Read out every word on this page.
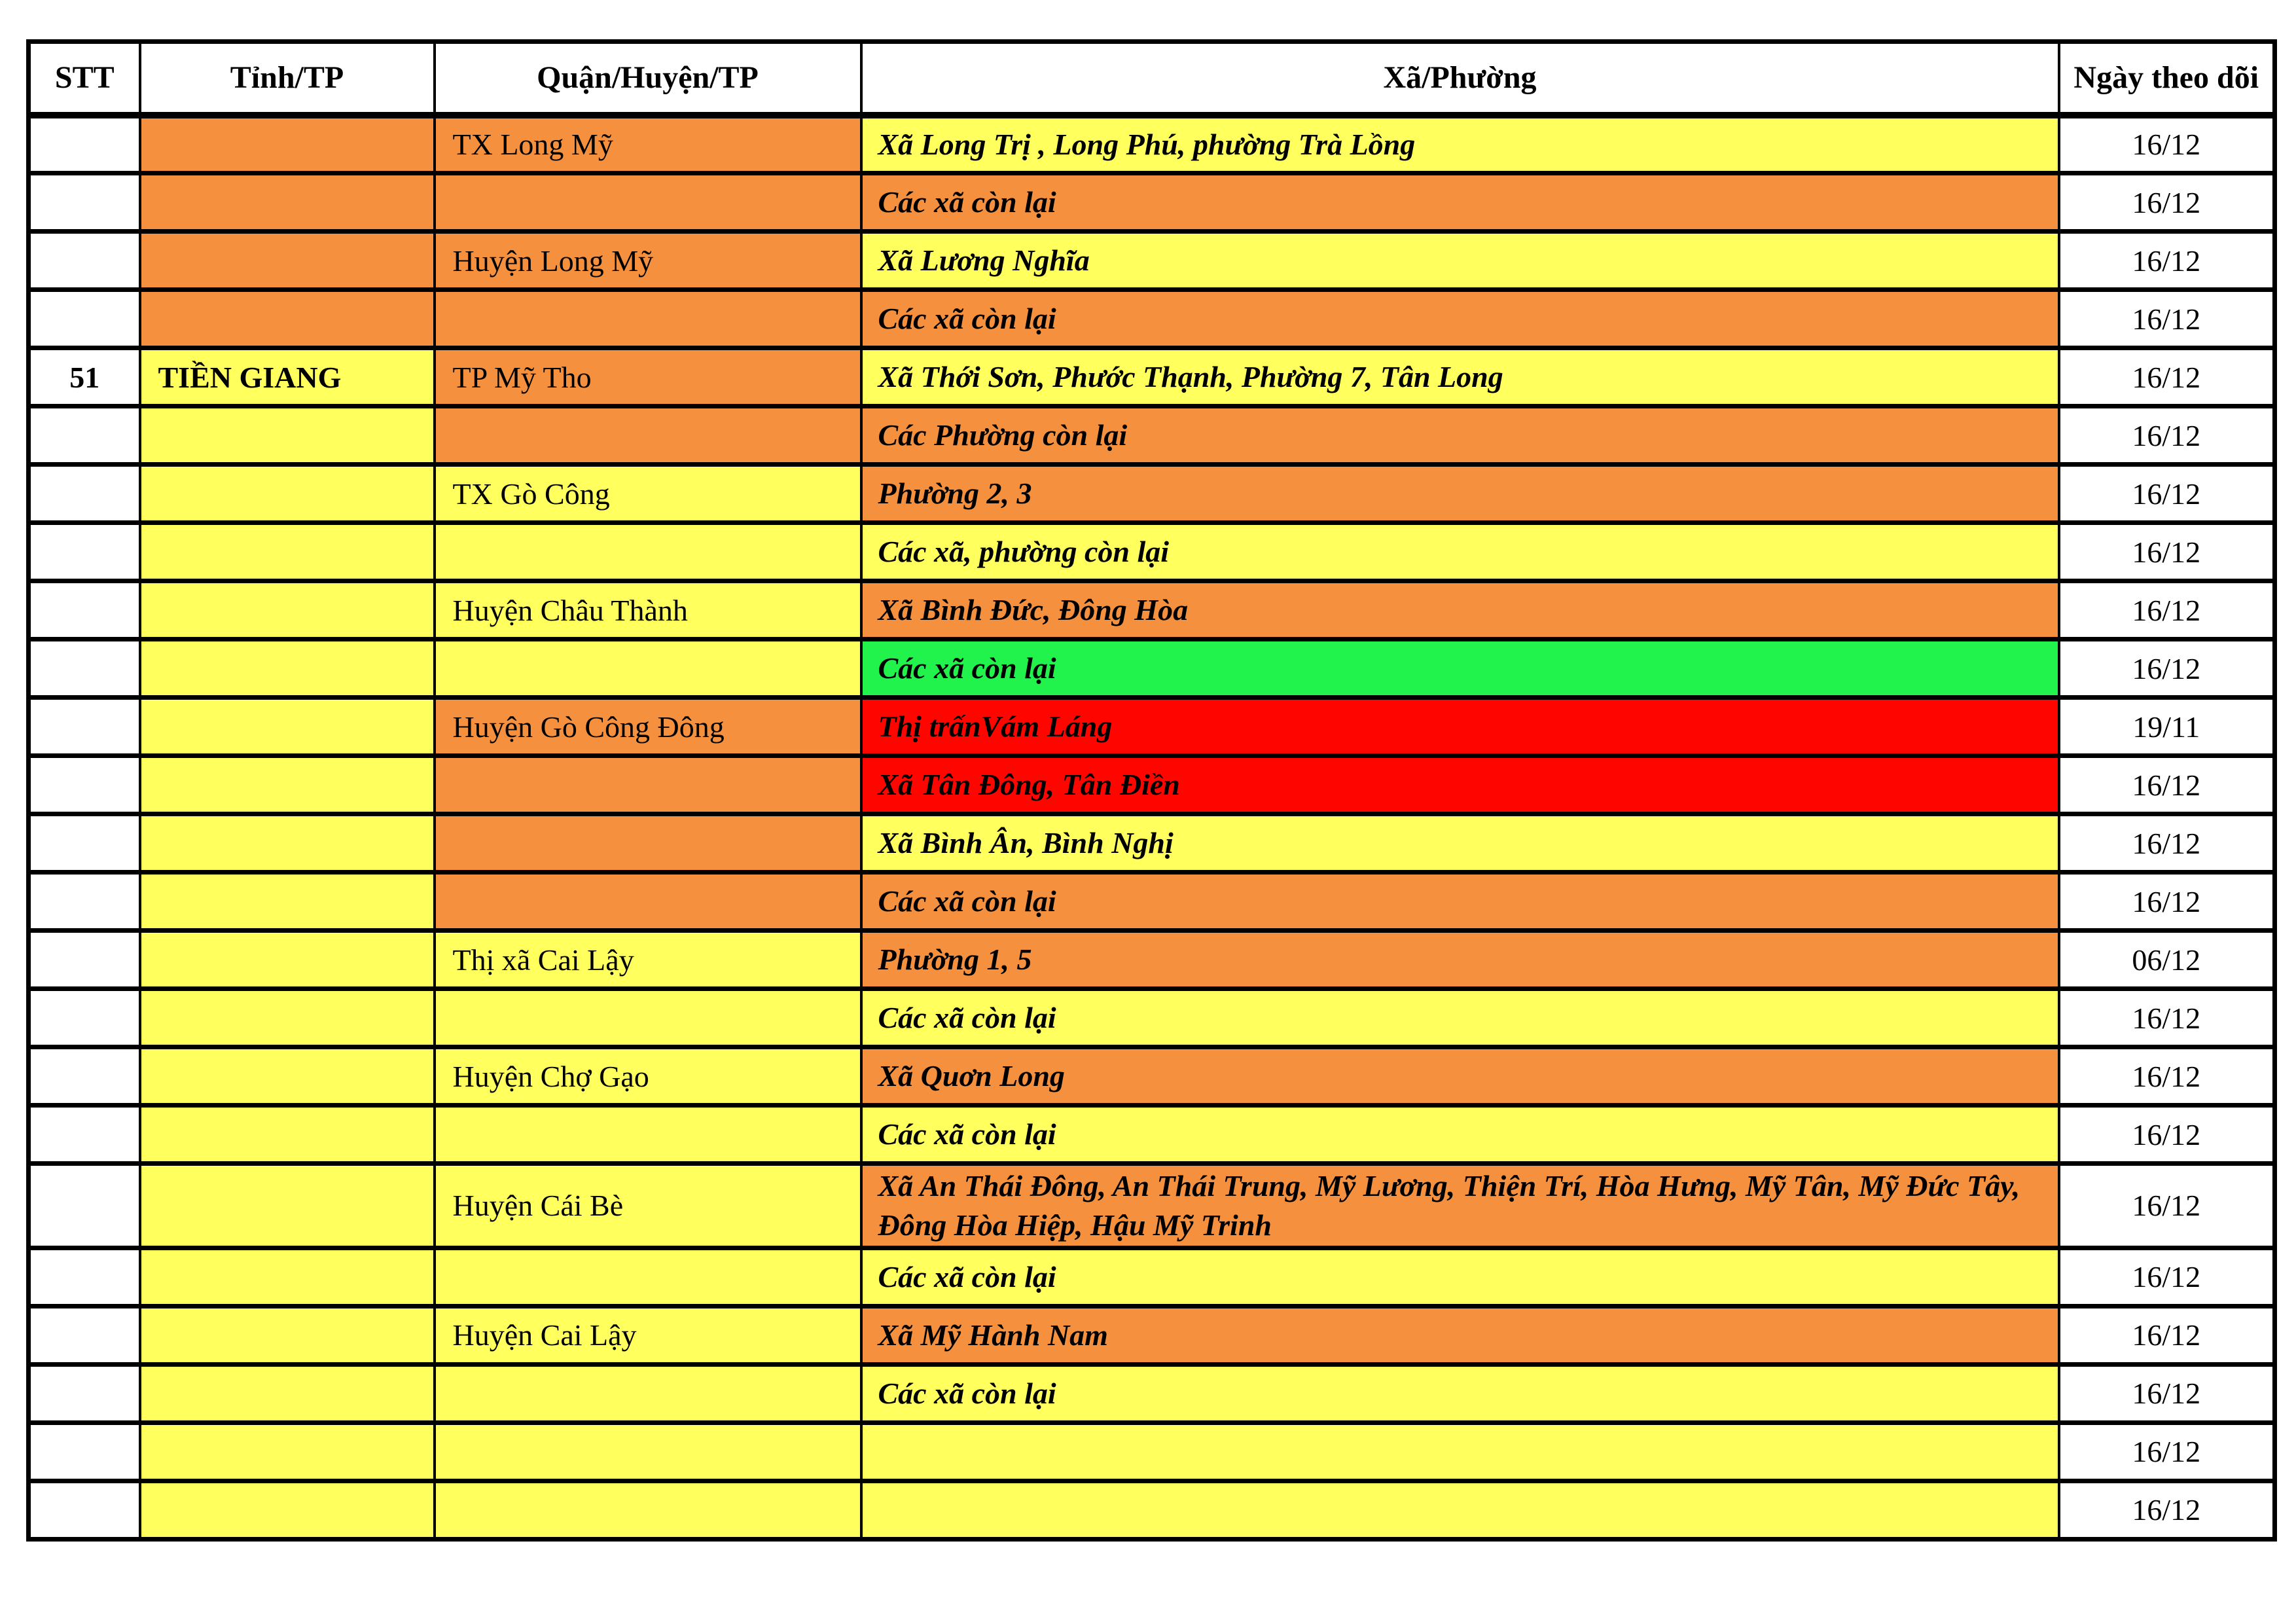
STT	Tỉnh/TP	Quận/Huyện/TP	Xã/Phường	Ngày theo dõi
		TX Long Mỹ	Xã Long Trị , Long Phú, phường Trà Lồng	16/12
			Các xã còn lại	16/12
		Huyện Long Mỹ	Xã Lương Nghĩa	16/12
			Các xã còn lại	16/12
51	TIỀN GIANG	TP Mỹ Tho	Xã Thới Sơn, Phước Thạnh, Phường 7, Tân Long	16/12
			Các Phường còn lại	16/12
		TX Gò Công	Phường 2, 3	16/12
			Các xã, phường còn lại	16/12
		Huyện Châu Thành	Xã Bình Đức, Đông Hòa	16/12
			Các xã còn lại	16/12
		Huyện Gò Công Đông	Thị trấnVám Láng	19/11
			Xã Tân Đông, Tân Điền	16/12
			Xã Bình Ân, Bình Nghị	16/12
			Các xã còn lại	16/12
		Thị xã Cai Lậy	Phường 1, 5	06/12
			Các xã còn lại	16/12
		Huyện Chợ Gạo	Xã Quơn Long	16/12
			Các xã còn lại	16/12
		Huyện Cái Bè	Xã An Thái Đông, An Thái Trung, Mỹ Lương, Thiện Trí, Hòa Hưng, Mỹ Tân, Mỹ Đức Tây, Đông Hòa Hiệp, Hậu Mỹ Trinh	16/12
			Các xã còn lại	16/12
		Huyện Cai Lậy	Xã Mỹ Hành Nam	16/12
			Các xã còn lại	16/12
				16/12
				16/12
